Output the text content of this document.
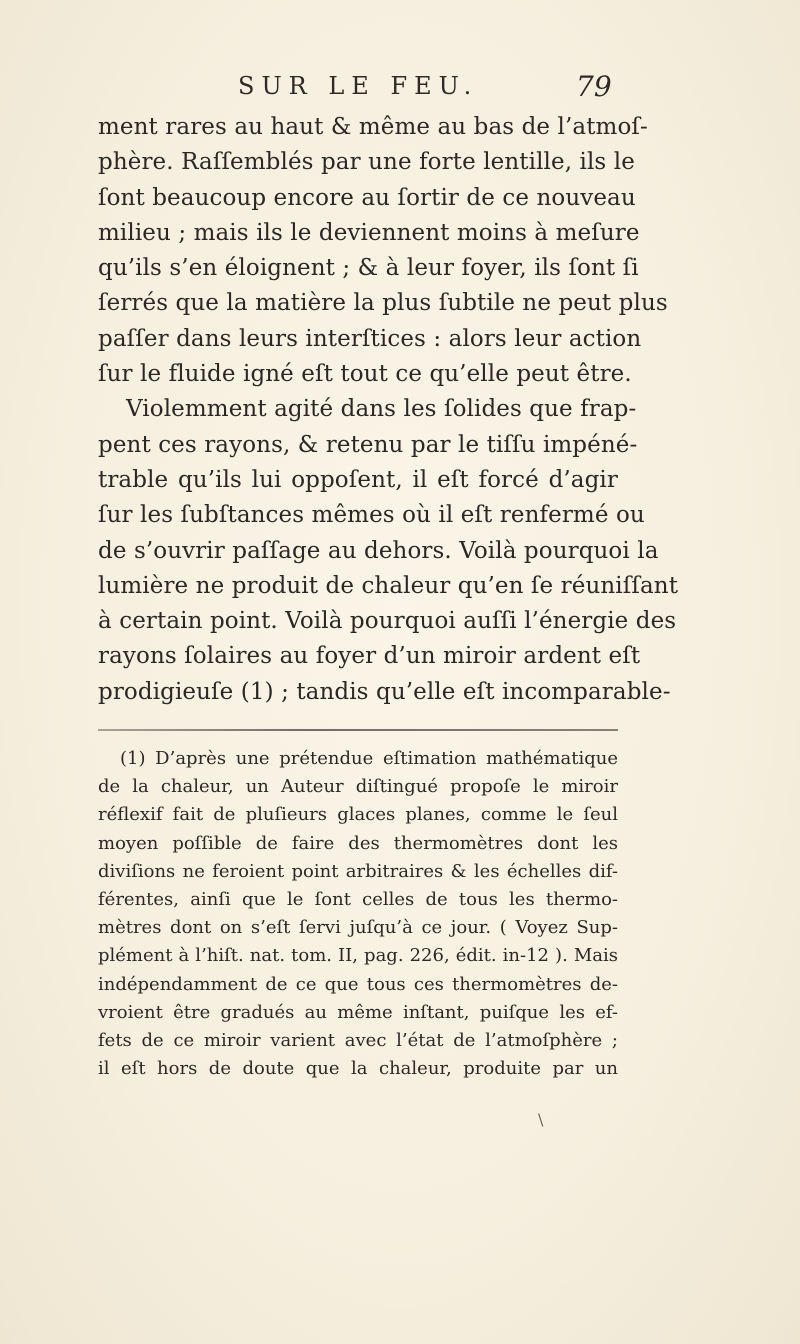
SUR LE FEU.	79
ment rares au haut & même au bas de l’atmoſ-
phère. Raſſemblés par une forte lentille, ils le
ſont beaucoup encore au ſortir de ce nouveau
milieu ; mais ils le deviennent moins à meſure
qu’ils s’en éloignent ; & à leur foyer, ils ſont ſi
ſerrés que la matière la plus ſubtile ne peut plus
paſſer dans leurs interſtices : alors leur action
ſur le fluide igné eſt tout ce qu’elle peut être.
Violemment agité dans les ſolides que frap-
pent ces rayons, & retenu par le tiſſu impéné-
trable qu’ils lui oppoſent, il eſt forcé d’agir
ſur les ſubſtances mêmes où il eſt renfermé ou
de s’ouvrir paſſage au dehors. Voilà pourquoi la
lumière ne produit de chaleur qu’en ſe réuniſſant
à certain point. Voilà pourquoi auſſi l’énergie des
rayons ſolaires au foyer d’un miroir ardent eſt
prodigieuſe (1) ; tandis qu’elle eſt incomparable-
(1) D’après une prétendue eſtimation mathématique
de la chaleur, un Auteur diſtingué propoſe le miroir
réflexif fait de pluſieurs glaces planes, comme le ſeul
moyen poſſible de faire des thermomètres dont les
diviſions ne feroient point arbitraires & les échelles dif-
férentes, ainſi que le ſont celles de tous les thermo-
mètres dont on s’eſt ſervi juſqu’à ce jour. ( Voyez Sup-
plément à l’hiſt. nat. tom. II, pag. 226, édit. in-12 ). Mais
indépendamment de ce que tous ces thermomètres de-
vroient être gradués au même inſtant, puiſque les ef-
fets de ce miroir varient avec l’état de l’atmoſphère ;
il eſt hors de doute que la chaleur, produite par un
\
